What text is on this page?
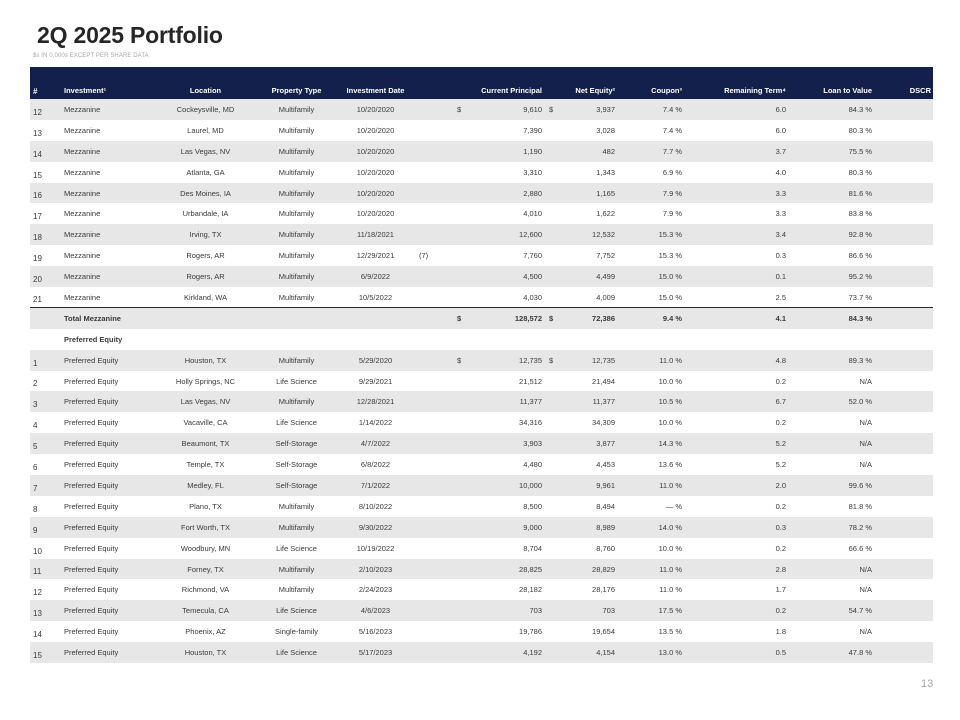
2Q 2025 Portfolio
$s IN 0,000s EXCEPT PER SHARE DATA
#	Investment¹	Location	Property Type	Investment Date		Current Principal	Net Equity²	Coupon³	Remaining Term⁴	Loan to Value	DSCR
12	Mezzanine	Cockeysville, MD	Multifamily	10/20/2020		$ 9,610	$ 3,937	7.4 %	6.0	84.3 %	
13	Mezzanine	Laurel, MD	Multifamily	10/20/2020		7,390	3,028	7.4 %	6.0	80.3 %	
14	Mezzanine	Las Vegas, NV	Multifamily	10/20/2020		1,190	482	7.7 %	3.7	75.5 %	
15	Mezzanine	Atlanta, GA	Multifamily	10/20/2020		3,310	1,343	6.9 %	4.0	80.3 %	
16	Mezzanine	Des Moines, IA	Multifamily	10/20/2020		2,880	1,165	7.9 %	3.3	81.6 %	
17	Mezzanine	Urbandale, IA	Multifamily	10/20/2020		4,010	1,622	7.9 %	3.3	83.8 %	
18	Mezzanine	Irving, TX	Multifamily	11/18/2021		12,600	12,532	15.3 %	3.4	92.8 %	
19	Mezzanine	Rogers, AR	Multifamily	12/29/2021	(7)	7,760	7,752	15.3 %	0.3	86.6 %	
20	Mezzanine	Rogers, AR	Multifamily	6/9/2022		4,500	4,499	15.0 %	0.1	95.2 %	
21	Mezzanine	Kirkland, WA	Multifamily	10/5/2022		4,030	4,009	15.0 %	2.5	73.7 %	
	Total Mezzanine					$ 128,572	$ 72,386	9.4 %	4.1	84.3 %	
	Preferred Equity					

1	Preferred Equity	Houston, TX	Multifamily	5/29/2020		$ 12,735	$ 12,735	11.0 %	4.8	89.3 %	
2	Preferred Equity	Holly Springs, NC	Life Science	9/29/2021		21,512	21,494	10.0 %	0.2	N/A	
3	Preferred Equity	Las Vegas, NV	Multifamily	12/28/2021		11,377	11,377	10.5 %	6.7	52.0 %	
4	Preferred Equity	Vacaville, CA	Life Science	1/14/2022		34,316	34,309	10.0 %	0.2	N/A	
5	Preferred Equity	Beaumont, TX	Self-Storage	4/7/2022		3,903	3,877	14.3 %	5.2	N/A	
6	Preferred Equity	Temple, TX	Self-Storage	6/8/2022		4,480	4,453	13.6 %	5.2	N/A	
7	Preferred Equity	Medley, FL	Self-Storage	7/1/2022		10,000	9,961	11.0 %	2.0	99.6 %	
8	Preferred Equity	Plano, TX	Multifamily	8/10/2022		8,500	8,494	— %	0.2	81.8 %	
9	Preferred Equity	Fort Worth, TX	Multifamily	9/30/2022		9,000	8,989	14.0 %	0.3	78.2 %	
10	Preferred Equity	Woodbury, MN	Life Science	10/19/2022		8,704	8,760	10.0 %	0.2	66.6 %	
11	Preferred Equity	Forney, TX	Multifamily	2/10/2023		28,825	28,829	11.0 %	2.8	N/A	
12	Preferred Equity	Richmond, VA	Multifamily	2/24/2023		28,182	28,176	11.0 %	1.7	N/A	
13	Preferred Equity	Temecula, CA	Life Science	4/6/2023		703	703	17.5 %	0.2	54.7 %	
14	Preferred Equity	Phoenix, AZ	Single-family	5/16/2023		19,786	19,654	13.5 %	1.8	N/A	
15	Preferred Equity	Houston, TX	Life Science	5/17/2023		4,192	4,154	13.0 %	0.5	47.8 %	
13
